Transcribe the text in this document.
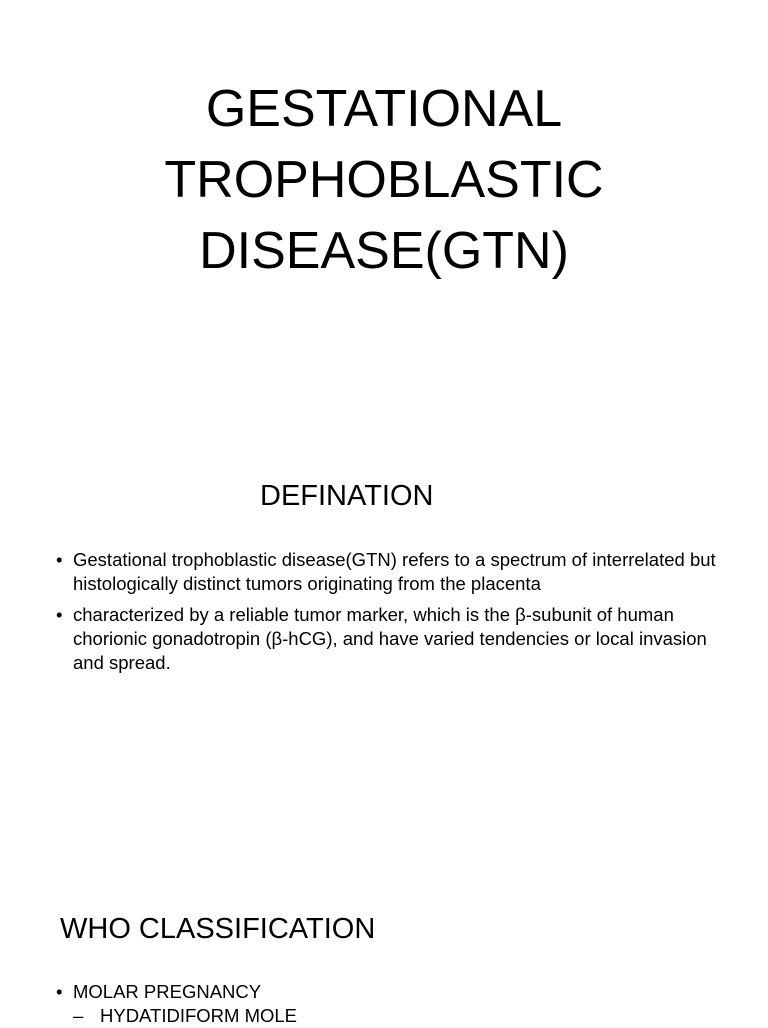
GESTATIONAL
TROPHOBLASTIC
DISEASE(GTN)
DEFINATION
• Gestational trophoblastic disease(GTN) refers to a spectrum of interrelated but histologically distinct tumors originating from the placenta
• characterized by a reliable tumor marker, which is the β-subunit of human chorionic gonadotropin (β-hCG), and have varied tendencies or local invasion and spread.
WHO CLASSIFICATION
• MOLAR PREGNANCY
– HYDATIDIFORM MOLE
